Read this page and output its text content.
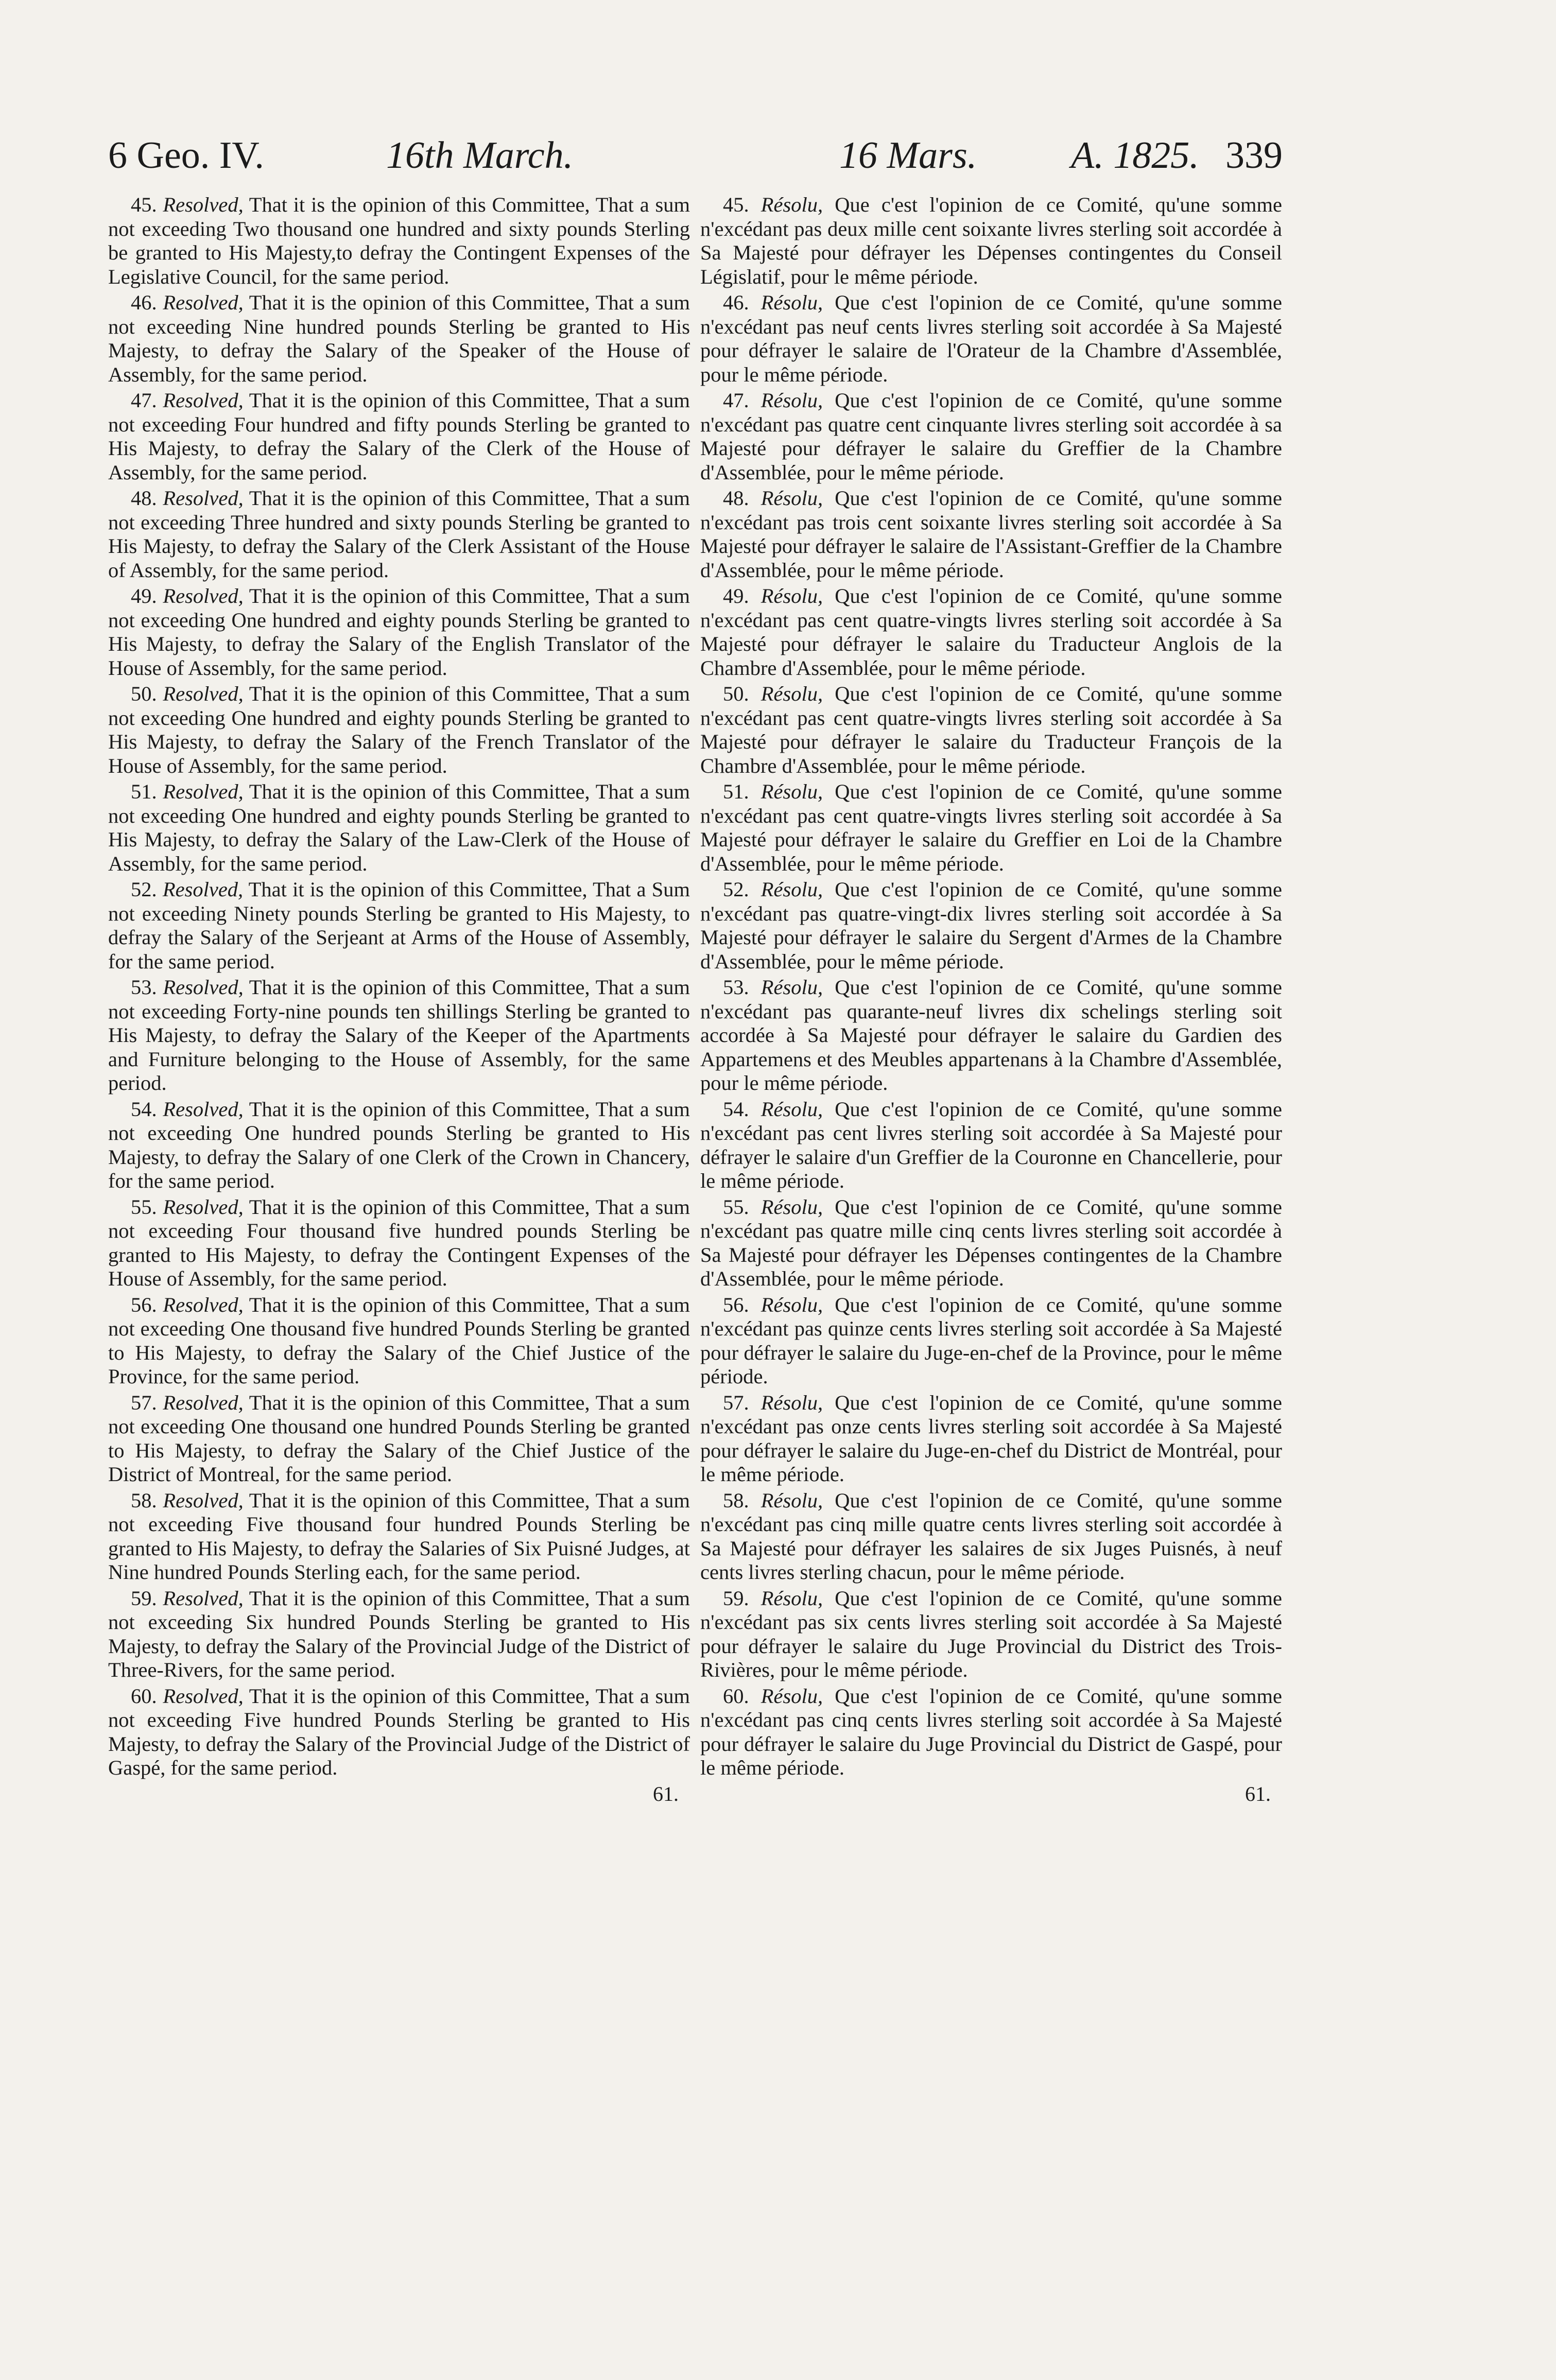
6 Geo. IV.	16th March.	16 Mars. A. 1825. 339

45. Resolved, That it is the opinion of this Committee, That a sum not exceeding Two thousand one hundred and sixty pounds Sterling be granted to His Majesty,to defray the Contingent Expenses of the Legislative Council, for the same period.

46. Resolved, That it is the opinion of this Committee, That a sum not exceeding Nine hundred pounds Sterling be granted to His Majesty, to defray the Salary of the Speaker of the House of Assembly, for the same period.

47. Resolved, That it is the opinion of this Committee, That a sum not exceeding Four hundred and fifty pounds Sterling be granted to His Majesty, to defray the Salary of the Clerk of the House of Assembly, for the same period.

48. Resolved, That it is the opinion of this Committee, That a sum not exceeding Three hundred and sixty pounds Sterling be granted to His Majesty, to defray the Salary of the Clerk Assistant of the House of Assembly, for the same period.

49. Resolved, That it is the opinion of this Committee, That a sum not exceeding One hundred and eighty pounds Sterling be granted to His Majesty, to defray the Salary of the English Translator of the House of Assembly, for the same period.

50. Resolved, That it is the opinion of this Committee, That a sum not exceeding One hundred and eighty pounds Sterling be granted to His Majesty, to defray the Salary of the French Translator of the House of Assembly, for the same period.

51. Resolved, That it is the opinion of this Committee, That a sum not exceeding One hundred and eighty pounds Sterling be granted to His Majesty, to defray the Salary of the Law-Clerk of the House of Assembly, for the same period.

52. Resolved, That it is the opinion of this Committee, That a Sum not exceeding Ninety pounds Sterling be granted to His Majesty, to defray the Salary of the Serjeant at Arms of the House of Assembly, for the same period.

53. Resolved, That it is the opinion of this Committee, That a sum not exceeding Forty-nine pounds ten shillings Sterling be granted to His Majesty, to defray the Salary of the Keeper of the Apartments and Furniture belonging to the House of Assembly, for the same period.

54. Resolved, That it is the opinion of this Committee, That a sum not exceeding One hundred pounds Sterling be granted to His Majesty, to defray the Salary of one Clerk of the Crown in Chancery, for the same period.

55. Resolved, That it is the opinion of this Committee, That a sum not exceeding Four thousand five hundred pounds Sterling be granted to His Majesty, to defray the Contingent Expenses of the House of Assembly, for the same period.

56. Resolved, That it is the opinion of this Committee, That a sum not exceeding One thousand five hundred Pounds Sterling be granted to His Majesty, to defray the Salary of the Chief Justice of the Province, for the same period.

57. Resolved, That it is the opinion of this Committee, That a sum not exceeding One thousand one hundred Pounds Sterling be granted to His Majesty, to defray the Salary of the Chief Justice of the District of Montreal, for the same period.

58. Resolved, That it is the opinion of this Committee, That a sum not exceeding Five thousand four hundred Pounds Sterling be granted to His Majesty, to defray the Salaries of Six Puisné Judges, at Nine hundred Pounds Sterling each, for the same period.

59. Resolved, That it is the opinion of this Committee, That a sum not exceeding Six hundred Pounds Sterling be granted to His Majesty, to defray the Salary of the Provincial Judge of the District of Three-Rivers, for the same period.

60. Resolved, That it is the opinion of this Committee, That a sum not exceeding Five hundred Pounds Sterling be granted to His Majesty, to defray the Salary of the Provincial Judge of the District of Gaspé, for the same period.

61.

45. Résolu, Que c'est l'opinion de ce Comité, qu'une somme n'excédant pas deux mille cent soixante livres sterling soit accordée à Sa Majesté pour défrayer les Dépenses contingentes du Conseil Législatif, pour le même période.

46. Résolu, Que c'est l'opinion de ce Comité, qu'une somme n'excédant pas neuf cents livres sterling soit accordée à Sa Majesté pour défrayer le salaire de l'Orateur de la Chambre d'Assemblée, pour le même période.

47. Résolu, Que c'est l'opinion de ce Comité, qu'une somme n'excédant pas quatre cent cinquante livres sterling soit accordée à sa Majesté pour défrayer le salaire du Greffier de la Chambre d'Assemblée, pour le même période.

48. Résolu, Que c'est l'opinion de ce Comité, qu'une somme n'excédant pas trois cent soixante livres sterling soit accordée à Sa Majesté pour défrayer le salaire de l'Assistant-Greffier de la Chambre d'Assemblée, pour le même période.

49. Résolu, Que c'est l'opinion de ce Comité, qu'une somme n'excédant pas cent quatre-vingts livres sterling soit accordée à Sa Majesté pour défrayer le salaire du Traducteur Anglois de la Chambre d'Assemblée, pour le même période.

50. Résolu, Que c'est l'opinion de ce Comité, qu'une somme n'excédant pas cent quatre-vingts livres sterling soit accordée à Sa Majesté pour défrayer le salaire du Traducteur François de la Chambre d'Assemblée, pour le même période.

51. Résolu, Que c'est l'opinion de ce Comité, qu'une somme n'excédant pas cent quatre-vingts livres sterling soit accordée à Sa Majesté pour défrayer le salaire du Greffier en Loi de la Chambre d'Assemblée, pour le même période.

52. Résolu, Que c'est l'opinion de ce Comité, qu'une somme n'excédant pas quatre-vingt-dix livres sterling soit accordée à Sa Majesté pour défrayer le salaire du Sergent d'Armes de la Chambre d'Assemblée, pour le même période.

53. Résolu, Que c'est l'opinion de ce Comité, qu'une somme n'excédant pas quarante-neuf livres dix schelings sterling soit accordée à Sa Majesté pour défrayer le salaire du Gardien des Appartemens et des Meubles appartenans à la Chambre d'Assemblée, pour le même période.

54. Résolu, Que c'est l'opinion de ce Comité, qu'une somme n'excédant pas cent livres sterling soit accordée à Sa Majesté pour défrayer le salaire d'un Greffier de la Couronne en Chancellerie, pour le même période.

55. Résolu, Que c'est l'opinion de ce Comité, qu'une somme n'excédant pas quatre mille cinq cents livres sterling soit accordée à Sa Majesté pour défrayer les Dépenses contingentes de la Chambre d'Assemblée, pour le même période.

56. Résolu, Que c'est l'opinion de ce Comité, qu'une somme n'excédant pas quinze cents livres sterling soit accordée à Sa Majesté pour défrayer le salaire du Juge-en-chef de la Province, pour le même période.

57. Résolu, Que c'est l'opinion de ce Comité, qu'une somme n'excédant pas onze cents livres sterling soit accordée à Sa Majesté pour défrayer le salaire du Juge-en-chef du District de Montréal, pour le même période.

58. Résolu, Que c'est l'opinion de ce Comité, qu'une somme n'excédant pas cinq mille quatre cents livres sterling soit accordée à Sa Majesté pour défrayer les salaires de six Juges Puisnés, à neuf cents livres sterling chacun, pour le même période.

59. Résolu, Que c'est l'opinion de ce Comité, qu'une somme n'excédant pas six cents livres sterling soit accordée à Sa Majesté pour défrayer le salaire du Juge Provincial du District des Trois-Rivières, pour le même période.

60. Résolu, Que c'est l'opinion de ce Comité, qu'une somme n'excédant pas cinq cents livres sterling soit accordée à Sa Majesté pour défrayer le salaire du Juge Provincial du District de Gaspé, pour le même période.

61.
